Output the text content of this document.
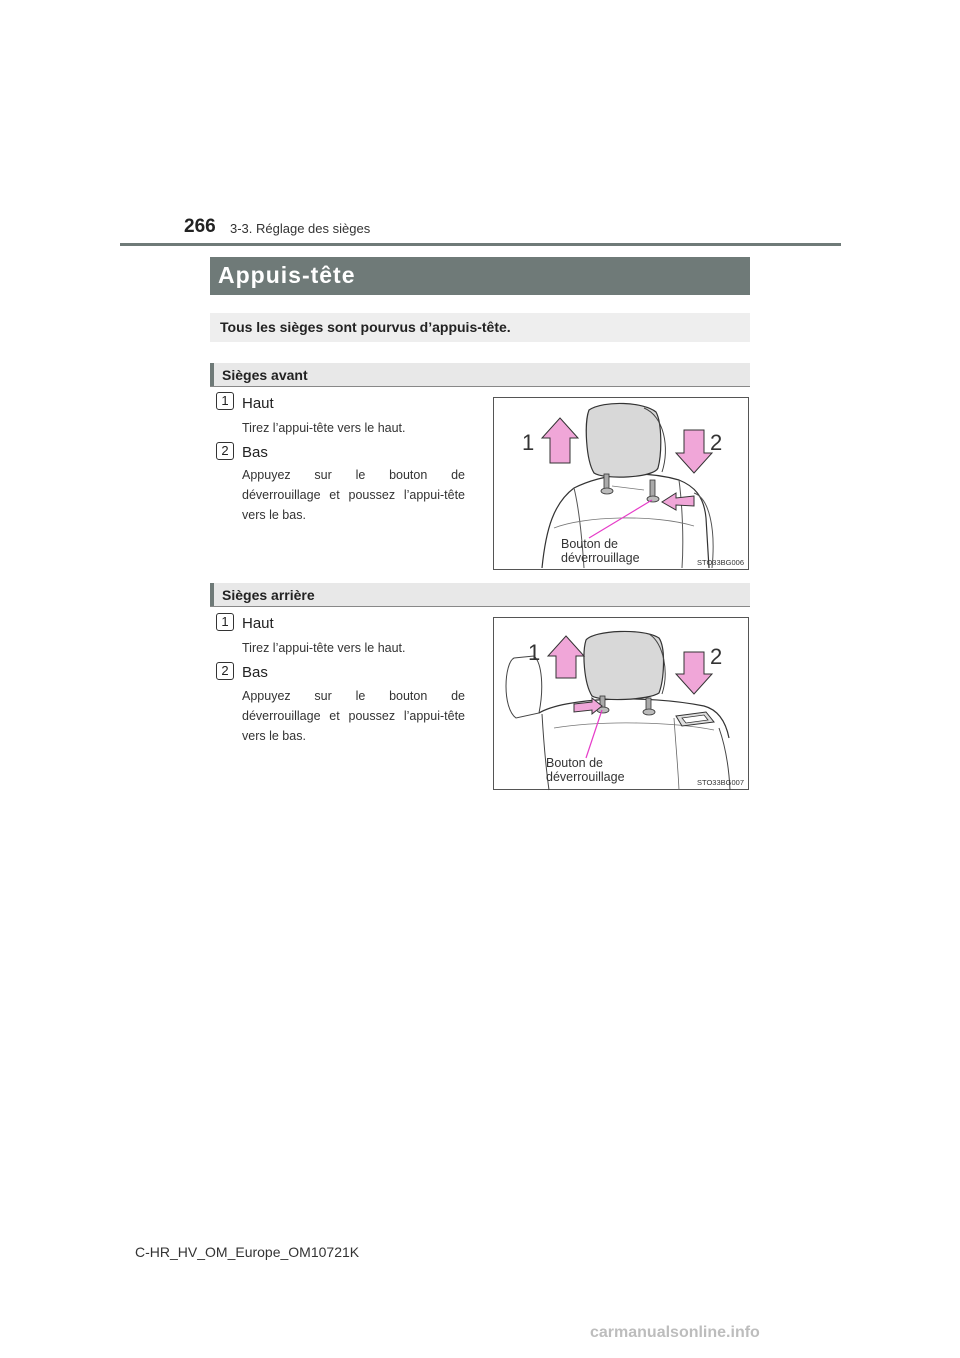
266 3-3. Réglage des sièges
Appuis-tête
Tous les sièges sont pourvus d’appuis-tête.
Sièges avant
1 Haut
Tirez l’appui-tête vers le haut.
2 Bas
Appuyez sur le bouton de déverrouillage et poussez l’appui-tête vers le bas.
1	2
Bouton de
déverrouillage	STO33BG006
Sièges arrière
1 Haut
Tirez l’appui-tête vers le haut.
2 Bas
Appuyez sur le bouton de déverrouillage et poussez l’appui-tête vers le bas.
1	2
Bouton de
déverrouillage	STO33BG007
C-HR_HV_OM_Europe_OM10721K
carmanualsonline.info
